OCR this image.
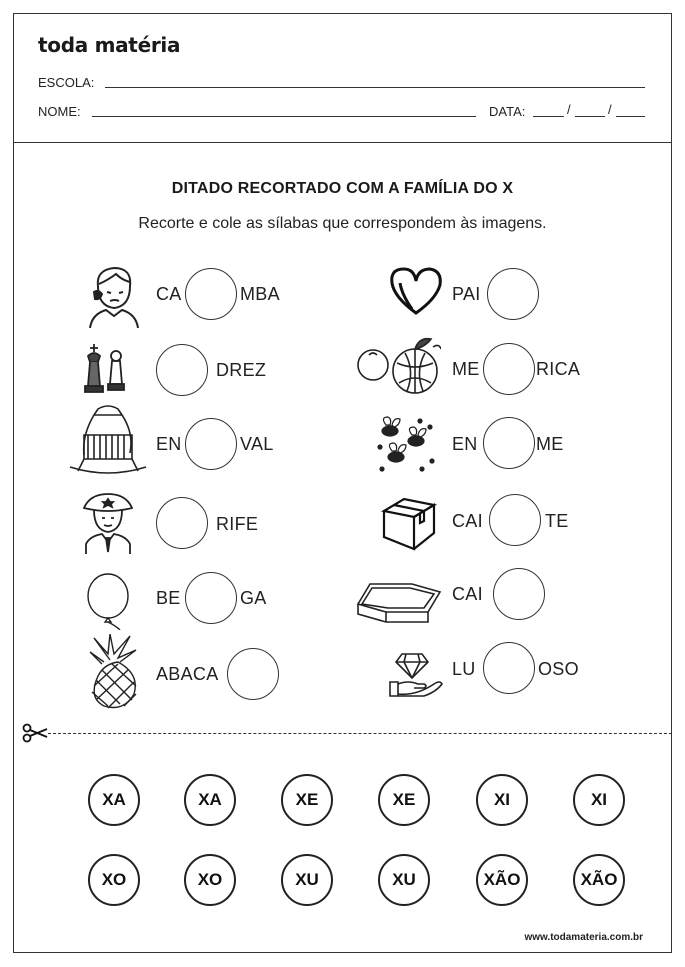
toda matéria
ESCOLA:
NOME:	DATA:	/	/
DITADO RECORTADO COM A FAMÍLIA DO X
Recorte e cole as sílabas que correspondem às imagens.
CA	MBA
DREZ
EN	VAL
RIFE
BE	GA
ABACA
PAI
ME	RICA
EN	ME
CAI	TE
CAI
LU	OSO
XA	XA	XE	XE	XI	XI
XO	XO	XU	XU	XÃO	XÃO
www.todamateria.com.br
